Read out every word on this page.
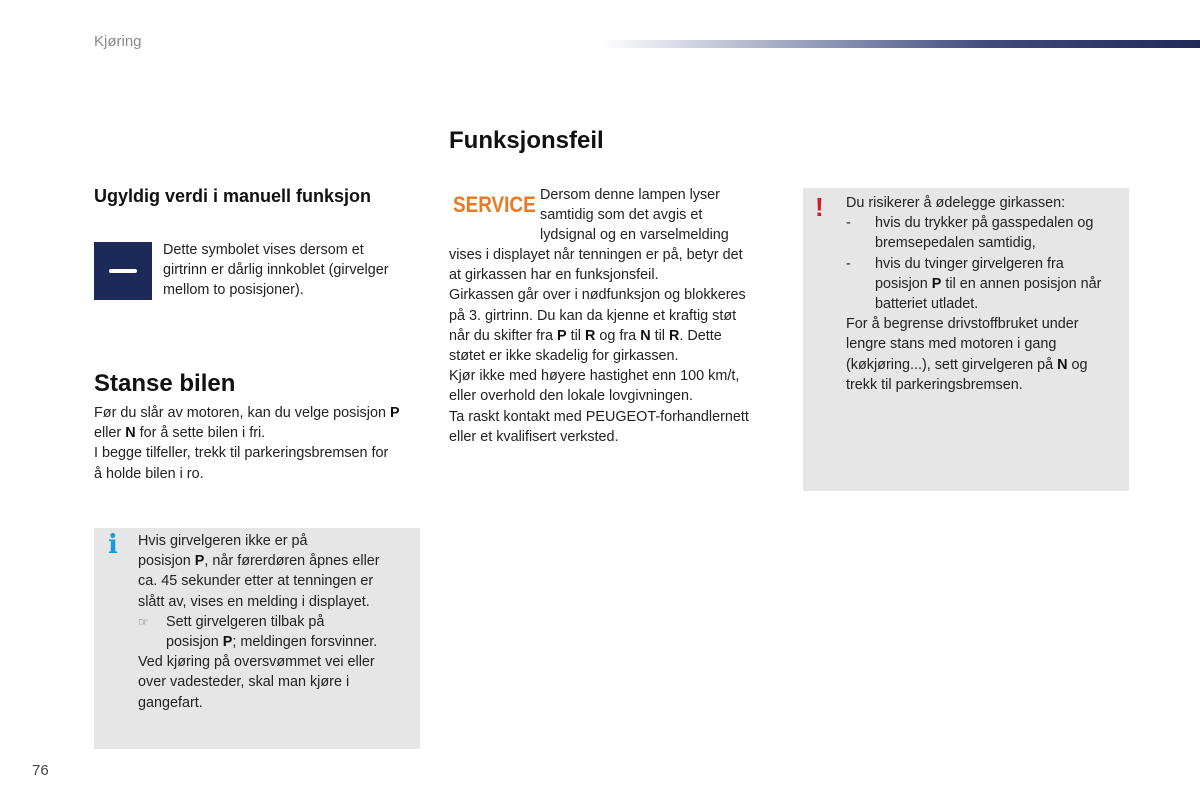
Kjøring
Ugyldig verdi i manuell funksjon

Dette symbolet vises dersom et

girtrinn er dårlig innkoblet (girvelger

mellom to posisjoner).

Stanse bilen

Før du slår av motoren, kan du velge posisjon P

eller N for å sette bilen i fri.

I begge tilfeller, trekk til parkeringsbremsen for

å holde bilen i ro.

i Hvis girvelgeren ikke er på

posisjon P, når førerdøren åpnes eller

ca. 45 sekunder etter at tenningen er

slått av, vises en melding i displayet.

☞	Sett girvelgeren tilbak på

posisjon P; meldingen forsvinner.

Ved kjøring på oversvømmet vei eller

over vadesteder, skal man kjøre i

gangefart.

Funksjonsfeil
SERVICE Dersom denne lampen lyser

samtidig som det avgis et

lydsignal og en varselmelding

vises i displayet når tenningen er på, betyr det

at girkassen har en funksjonsfeil.

Girkassen går over i nødfunksjon og blokkeres

på 3. girtrinn. Du kan da kjenne et kraftig støt

når du skifter fra P til R og fra N til R. Dette

støtet er ikke skadelig for girkassen.

Kjør ikke med høyere hastighet enn 100 km/t,

eller overhold den lokale lovgivningen.

Ta raskt kontakt med PEUGEOT-forhandlernett

eller et kvalifisert verksted.

! Du risikerer å ødelegge girkassen:

-	hvis du trykker på gasspedalen og

bremsepedalen samtidig,

-	hvis du tvinger girvelgeren fra

posisjon P til en annen posisjon når

batteriet utladet.

For å begrense drivstoffbruket under

lengre stans med motoren i gang

(køkjøring...), sett girvelgeren på N og

trekk til parkeringsbremsen.

76
